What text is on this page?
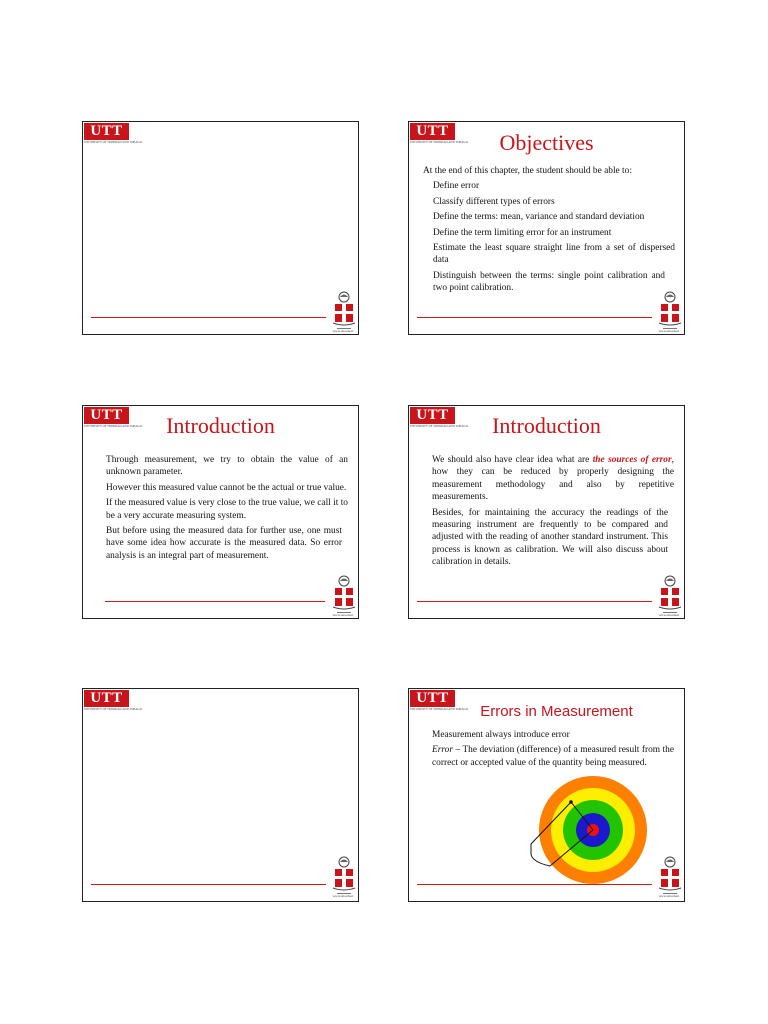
UTT
UNIVERSITY OF TRINIDAD AND TOBAGO
www.utt.edu.tt
UTT
UNIVERSITY OF TRINIDAD AND TOBAGO	Objectives
At the end of this chapter, the student should be able to:
Define error
Classify different types of errors
Define the terms: mean, variance and standard deviation
Define the term limiting error for an instrument
Estimate the least square straight line from a set of dispersed data
Distinguish between the terms: single point calibration and two point calibration.
www.utt.edu.tt
UTT
UNIVERSITY OF TRINIDAD AND TOBAGO	Introduction

Through measurement, we try to obtain the value of an unknown parameter.

However this measured value cannot be the actual or true value.

If the measured value is very close to the true value, we call it to be a very accurate measuring system.

But before using the measured data for further use, one must have some idea how accurate is the measured data. So error analysis is an integral part of measurement.

www.utt.edu.tt
UTT
UNIVERSITY OF TRINIDAD AND TOBAGO	Introduction

We should also have clear idea what are the sources of error, how they can be reduced by properly designing the measurement methodology and also by repetitive measurements.

Besides, for maintaining the accuracy the readings of the measuring instrument are frequently to be compared and adjusted with the reading of another standard instrument. This process is known as calibration. We will also discuss about calibration in details.

www.utt.edu.tt
UTT
UNIVERSITY OF TRINIDAD AND TOBAGO
www.utt.edu.tt
UTT
UNIVERSITY OF TRINIDAD AND TOBAGO Errors in Measurement

Measurement always introduce error

Error – The deviation (difference) of a measured result from the correct or accepted value of the quantity being measured.

www.utt.edu.tt
